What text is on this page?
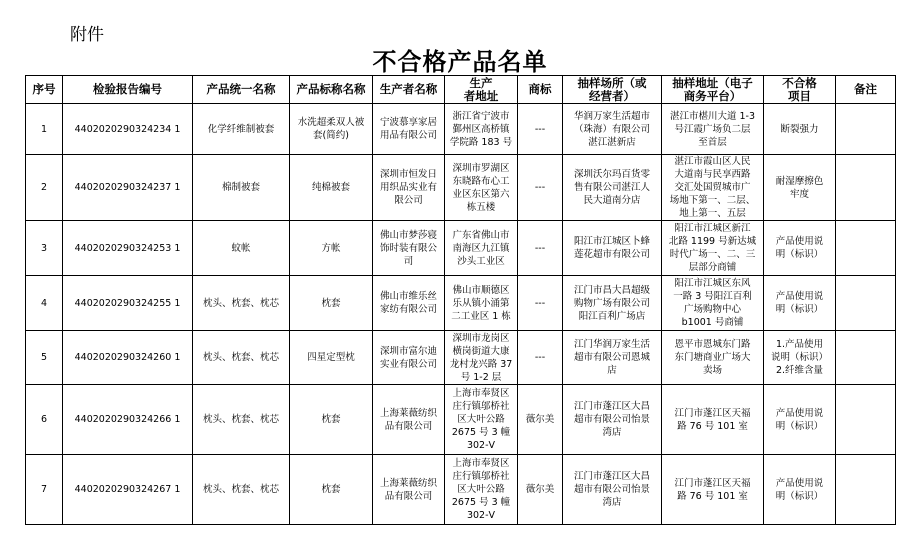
附件
不合格产品名单
序号	检验报告编号	产品统一名称	产品标称名称	生产者名称	生产
者地址	商标	抽样场所（或
经营者）	抽样地址（电子
商务平台）	不合格
项目	备注
1	4402020290324234 1	化学纤维制被套	水洗超柔双人被
套(简约)	宁波慕享家居
用品有限公司	浙江省宁波市
鄞州区高桥镇
学院路 183 号	---	华润万家生活超市
（珠海）有限公司
湛江湛新店	湛江市椹川大道 1-3
号江霞广场负二层
至首层	断裂强力	
2	4402020290324237 1	棉制被套	纯棉被套	深圳市恒发日
用织品实业有
限公司	深圳市罗湖区
东晓路布心工
业区东区第六
栋五楼	---	深圳沃尔玛百货零
售有限公司湛江人
民大道南分店	湛江市霞山区人民
大道南与民享西路
交汇处国贸城市广
场地下第一、二层、
地上第一、五层	耐湿摩擦色
牢度	
3	4402020290324253 1	蚊帐	方帐	佛山市梦莎寝
饰时装有限公
司	广东省佛山市
南海区九江镇
沙头工业区	---	阳江市江城区卜蜂
莲花超市有限公司	阳江市江城区新江
北路 1199 号新达城
时代广场一、二、三
层部分商铺	产品使用说
明（标识）	
4	4402020290324255 1	枕头、枕套、枕芯	枕套	佛山市维乐丝
家纺有限公司	佛山市顺德区
乐从镇小涌第
二工业区 1 栋	---	江门市昌大昌超级
购物广场有限公司
阳江百利广场店	阳江市江城区东风
一路 3 号阳江百利
广场购物中心
b1001 号商铺	产品使用说
明（标识）	
5	4402020290324260 1	枕头、枕套、枕芯	四星定型枕	深圳市富尔迪
实业有限公司	深圳市龙岗区
横岗街道大康
龙村龙兴路 37
号 1-2 层	---	江门华润万家生活
超市有限公司恩城
店	恩平市恩城东门路
东门塘商业广场大
卖场	1.产品使用
说明（标识）
2.纤维含量	
6	4402020290324266 1	枕头、枕套、枕芯	枕套	上海莱薇纺织
品有限公司	上海市奉贤区
庄行镇邬桥社
区大叶公路
2675 号 3 幢
302-V	薇尔美	江门市蓬江区大昌
超市有限公司怡景
湾店	江门市蓬江区天福
路 76 号 101 室	产品使用说
明（标识）	
7	4402020290324267 1	枕头、枕套、枕芯	枕套	上海莱薇纺织
品有限公司	上海市奉贤区
庄行镇邬桥社
区大叶公路
2675 号 3 幢
302-V	薇尔美	江门市蓬江区大昌
超市有限公司怡景
湾店	江门市蓬江区天福
路 76 号 101 室	产品使用说
明（标识）	
